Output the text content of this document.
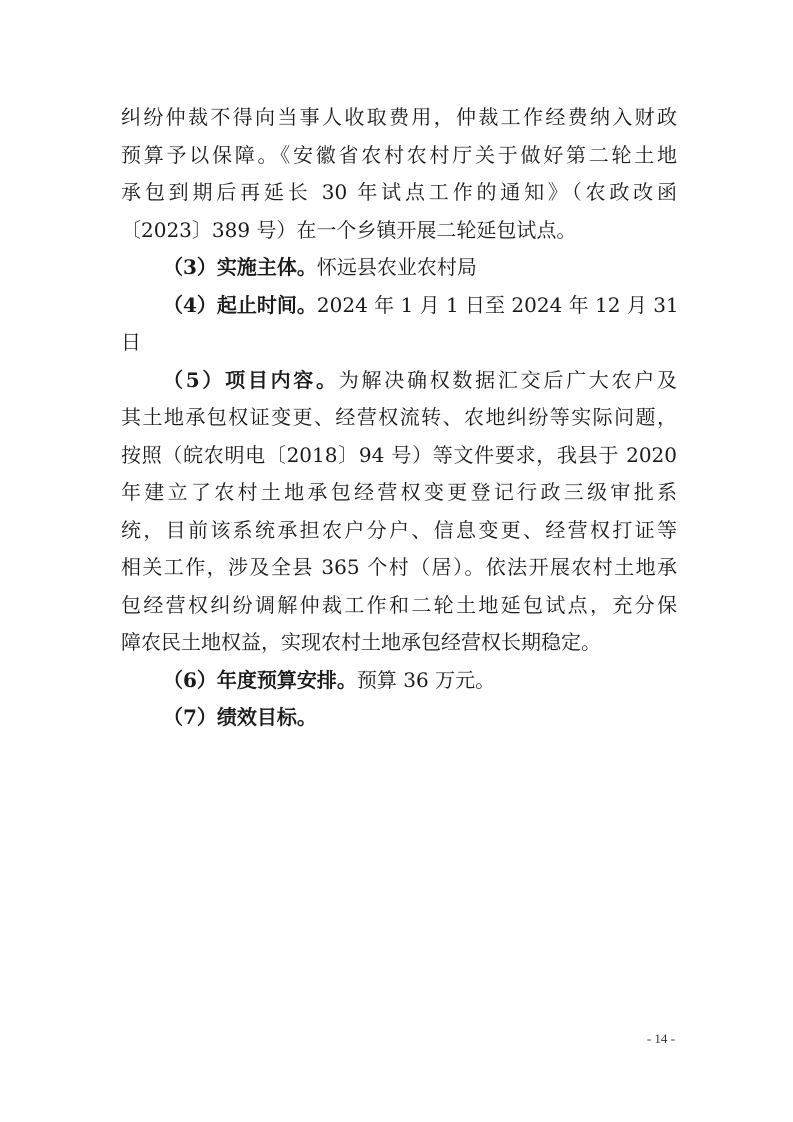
纠纷仲裁不得向当事人收取费用，仲裁工作经费纳入财政
预算予以保障。《安徽省农村农村厅关于做好第二轮土地
承包到期后再延长 30 年试点工作的通知》（农政改函
〔2023〕389 号）在一个乡镇开展二轮延包试点。
（3）实施主体。怀远县农业农村局
（4）起止时间。2024 年 1 月 1 日至 2024 年 12 月 31
日
（5）项目内容。为解决确权数据汇交后广大农户及
其土地承包权证变更、经营权流转、农地纠纷等实际问题，
按照（皖农明电〔2018〕94 号）等文件要求，我县于 2020
年建立了农村土地承包经营权变更登记行政三级审批系
统，目前该系统承担农户分户、信息变更、经营权打证等
相关工作，涉及全县 365 个村（居）。依法开展农村土地承
包经营权纠纷调解仲裁工作和二轮土地延包试点，充分保
障农民土地权益，实现农村土地承包经营权长期稳定。
（6）年度预算安排。预算 36 万元。
（7）绩效目标。
- 14 -
